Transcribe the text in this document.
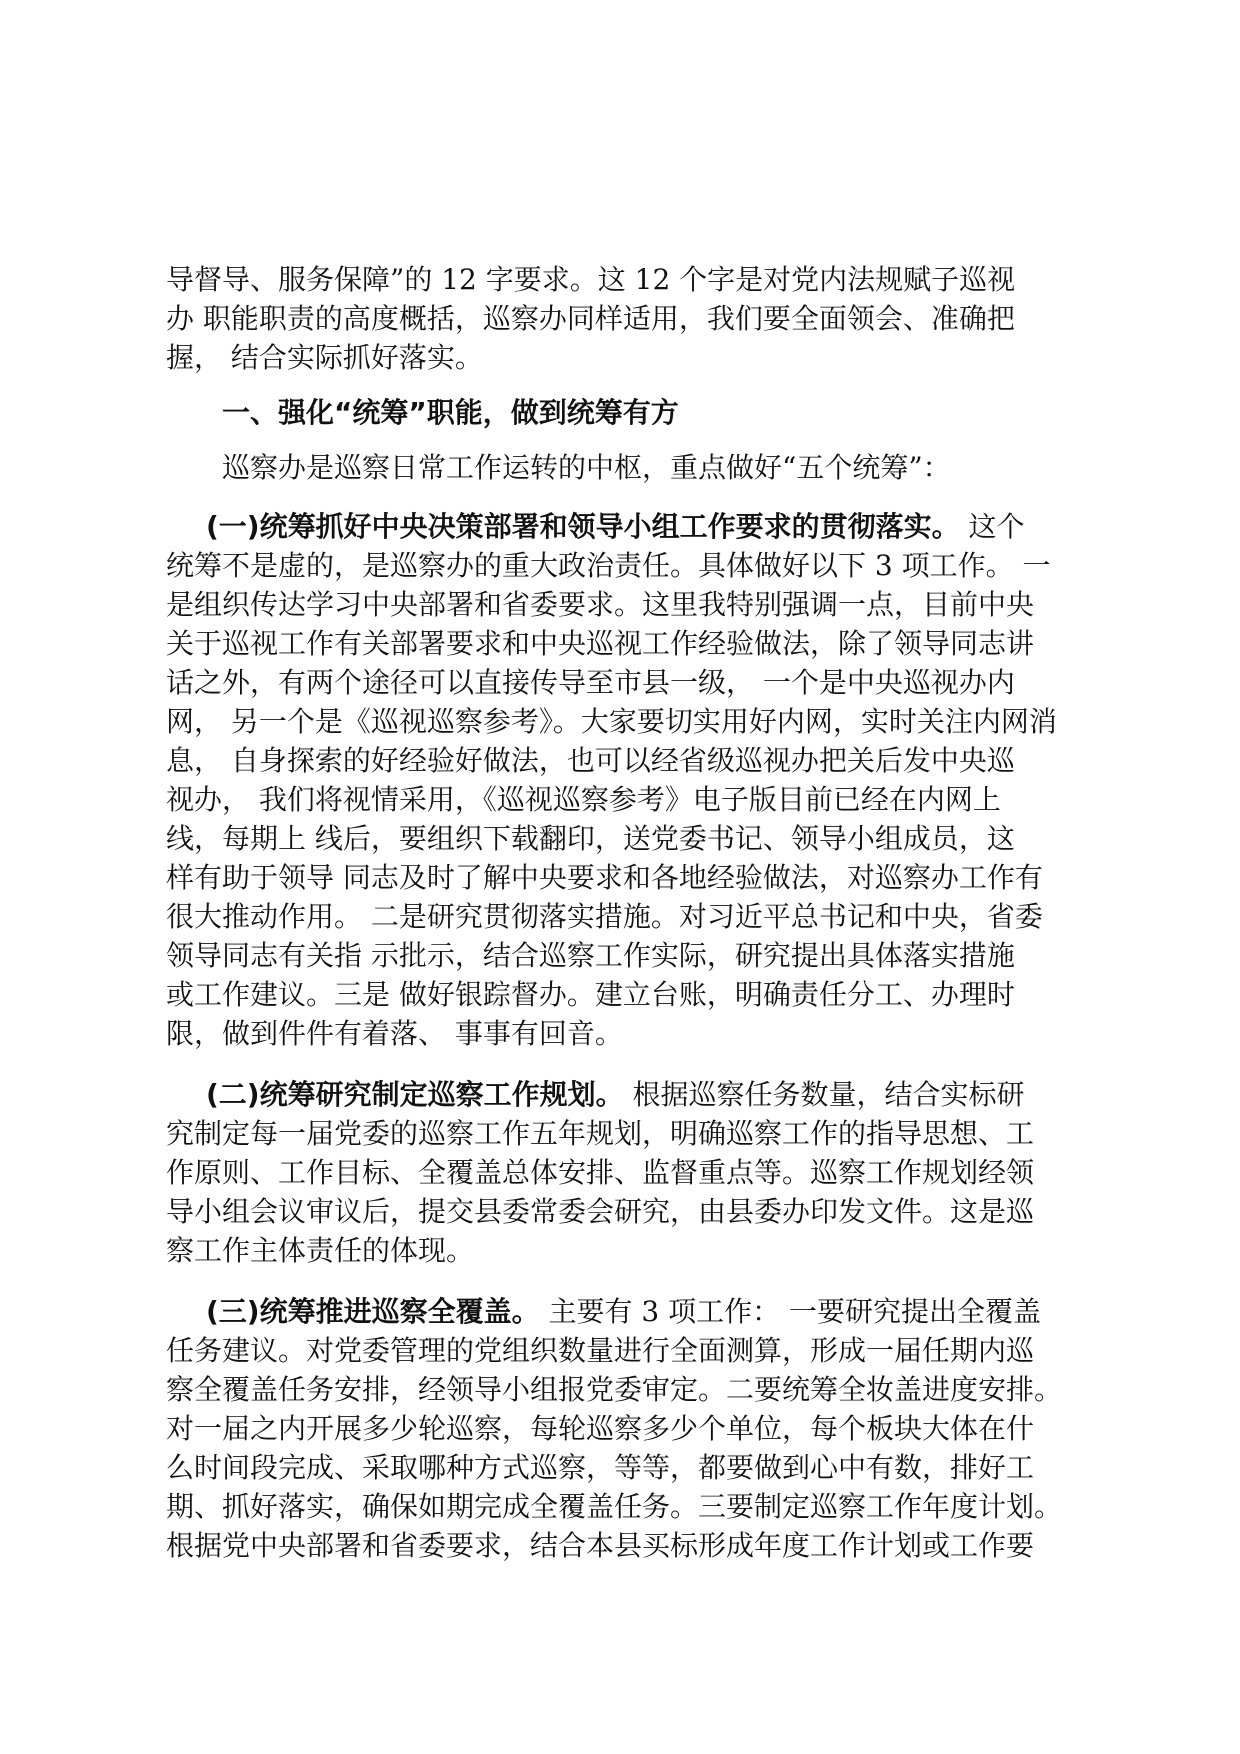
导督导、服务保障”的 12 字要求。这 12 个字是对党内法规赋子巡视

办 职能职责的高度概括，巡察办同样适用，我们要全面领会、准确把

握， 结合实际抓好落实。

一、强化“统筹”职能，做到统筹有方

巡察办是巡察日常工作运转的中枢，重点做好“五个统筹”：

(一)统筹抓好中央决策部署和领导小组工作要求的贯彻落实。 这个

统筹不是虚的，是巡察办的重大政治责任。具体做好以下 3 项工作。 一

是组织传达学习中央部署和省委要求。这里我特别强调一点，目前中央

关于巡视工作有关部署要求和中央巡视工作经验做法，除了领导同志讲

话之外，有两个途径可以直接传导至市县一级， 一个是中央巡视办内

网， 另一个是《巡视巡察参考》。大家要切实用好内网，实时关注内网消

息， 自身探索的好经验好做法，也可以经省级巡视办把关后发中央巡

视办， 我们将视情采用，《巡视巡察参考》电子版目前已经在内网上

线，每期上 线后，要组织下载翻印，送党委书记、领导小组成员，这

样有助于领导 同志及时了解中央要求和各地经验做法，对巡察办工作有

很大推动作用。 二是研究贯彻落实措施。对习近平总书记和中央，省委

领导同志有关指 示批示，结合巡察工作实际，研究提出具体落实措施

或工作建议。三是 做好银踪督办。建立台账，明确责任分工、办理时

限，做到件件有着落、 事事有回音。

(二)统筹研究制定巡察工作规划。 根据巡察任务数量，结合实标研

究制定每一届党委的巡察工作五年规划，明确巡察工作的指导思想、工

作原则、工作目标、全覆盖总体安排、监督重点等。巡察工作规划经领

导小组会议审议后，提交县委常委会研究，由县委办印发文件。这是巡

察工作主体责任的体现。

(三)统筹推进巡察全覆盖。 主要有 3 项工作： 一要研究提出全覆盖

任务建议。对党委管理的党组织数量进行全面测算，形成一届任期内巡

察全覆盖任务安排，经领导小组报党委审定。二要统筹全妆盖进度安排。

对一届之内开展多少轮巡察，每轮巡察多少个单位，每个板块大体在什

么时间段完成、采取哪种方式巡察，等等，都要做到心中有数，排好工

期、抓好落实，确保如期完成全覆盖任务。三要制定巡察工作年度计划。

根据党中央部署和省委要求，结合本县买标形成年度工作计划或工作要
